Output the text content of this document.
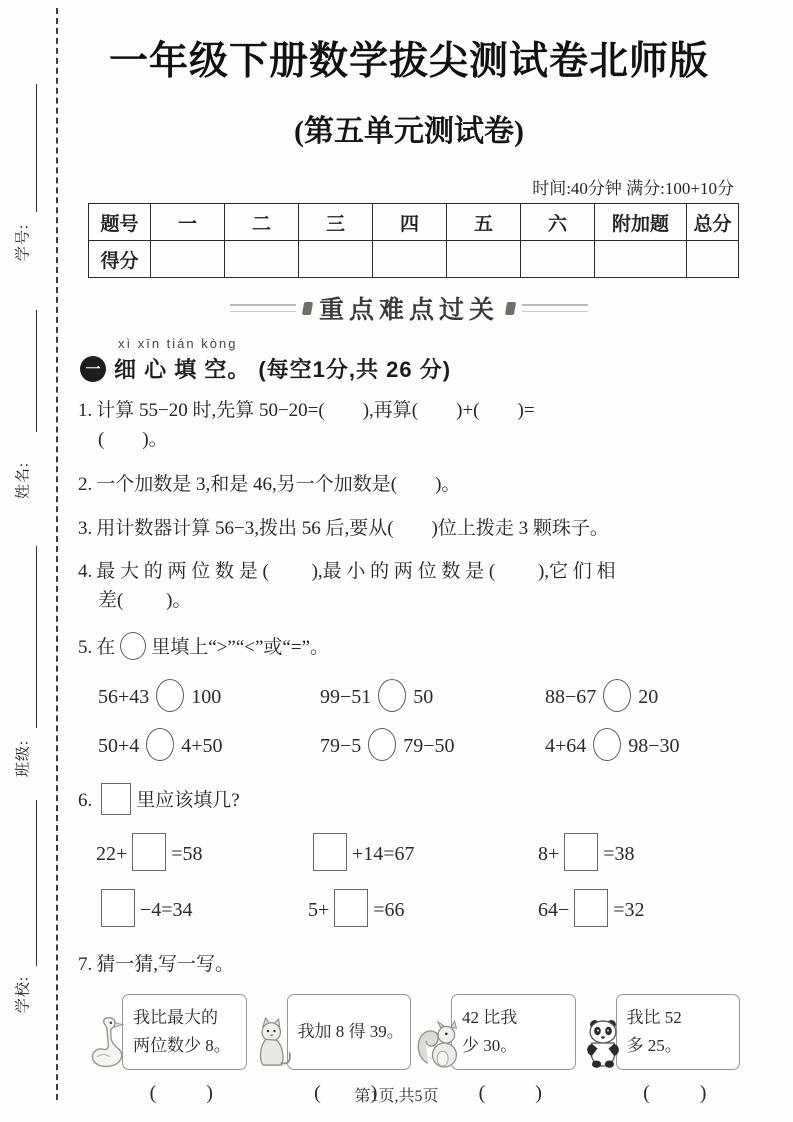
学号:
姓名:
班级:
学校:
一年级下册数学拔尖测试卷北师版
(第五单元测试卷)
时间:40分钟 满分:100+10分
题号	一	二	三	四	五	六	附加题	总分
得分								
重点难点过关
xì xīn tián kòng
一 细 心 填 空。 (每空1分,共 26 分)
1. 计算 55−20 时,先算 50−20=(        ),再算(        )+(        )=
(        )。
2. 一个加数是 3,和是 46,另一个加数是(        )。
3. 用计数器计算 56−3,拨出 56 后,要从(        )位上拨走 3 颗珠子。
4. 最 大 的 两 位 数 是 (         ),最 小 的 两 位 数 是 (         ),它 们 相
差(         )。
5. 在 里填上“>”“<”或“=”。
56+43 100	99−51 50	88−67 20
50+4 4+50	79−5 79−50	4+64 98−30
6. 里应该填几?
22+ =58	+14=67	8+ =38
−4=34	5+ =66	64− =32
7. 猜一猜,写一写。
我比最大的
两位数少 8。
(          )
我加 8 得 39。
(          )
42 比我
少 30。
(          )
我比 52
多 25。
(          )
第1页,共5页
